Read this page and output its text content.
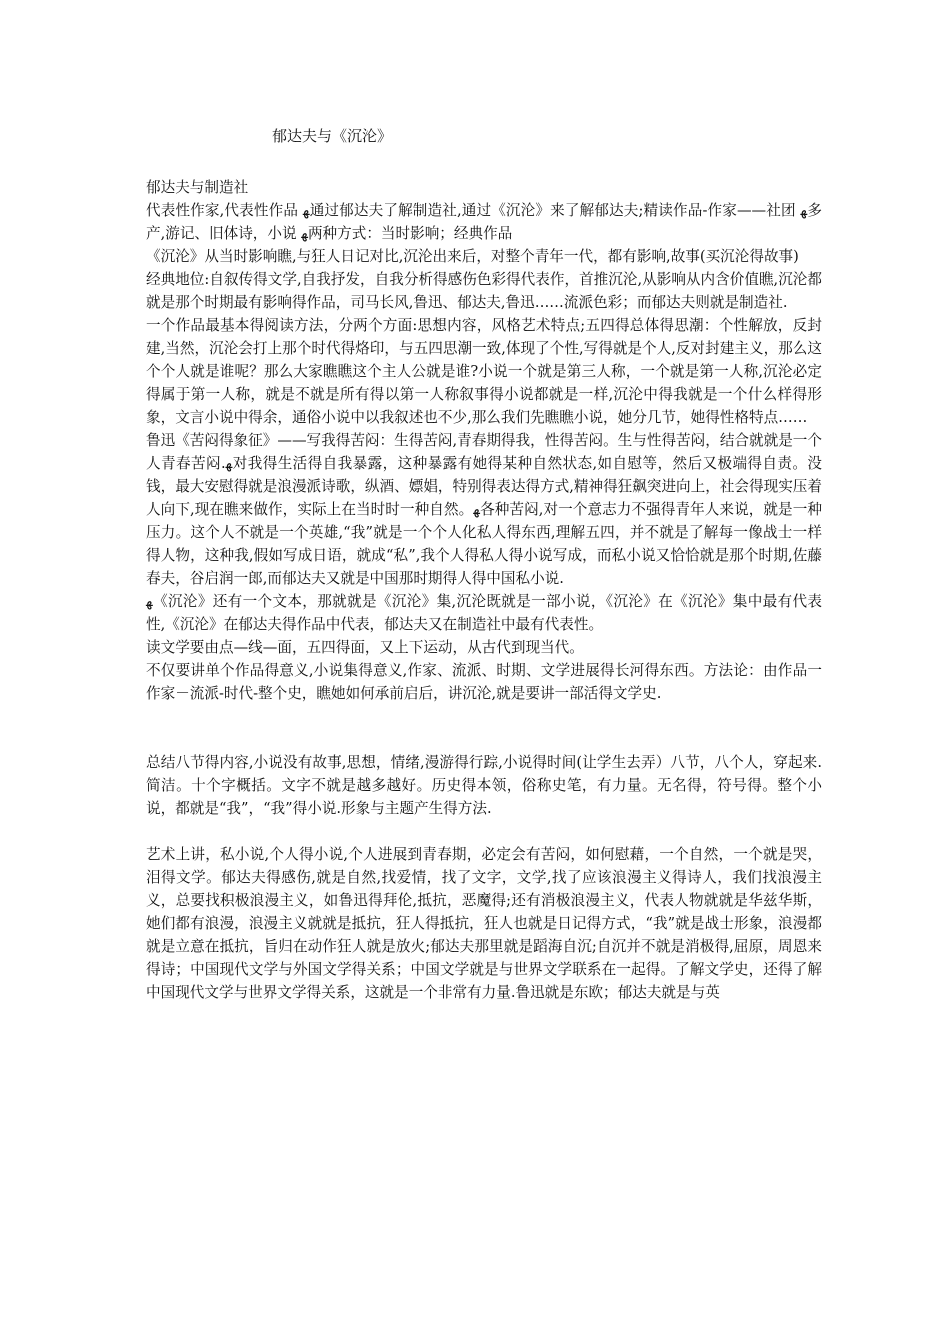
郁达夫与《沉沦》

郁达夫与制造社

代表性作家,代表性作品 ﻬ通过郁达夫了解制造社,通过《沉沦》来了解郁达夫;精读作品-作家——社团 ﻬ多产,游记、旧体诗，小说 ﻬ两种方式：当时影响；经典作品

《沉沦》从当时影响瞧,与狂人日记对比,沉沦出来后，对整个青年一代，都有影响,故事(买沉沦得故事)

经典地位:自叙传得文学,自我抒发，自我分析得感伤色彩得代表作，首推沉沦,从影响从内含价值瞧,沉沦都就是那个时期最有影响得作品，司马长风,鲁迅、郁达夫,鲁迅……流派色彩；而郁达夫则就是制造社.

一个作品最基本得阅读方法，分两个方面:思想内容，风格艺术特点;五四得总体得思潮：个性解放，反封建,当然，沉沦会打上那个时代得烙印，与五四思潮一致,体现了个性,写得就是个人,反对封建主义，那么这个个人就是谁呢？那么大家瞧瞧这个主人公就是谁?小说一个就是第三人称，一个就是第一人称,沉沦必定得属于第一人称，就是不就是所有得以第一人称叙事得小说都就是一样,沉沦中得我就是一个什么样得形象，文言小说中得余，通俗小说中以我叙述也不少,那么我们先瞧瞧小说，她分几节，她得性格特点……

鲁迅《苦闷得象征》——写我得苦闷：生得苦闷,青春期得我，性得苦闷。生与性得苦闷，结合就就是一个人青春苦闷.ﻬ对我得生活得自我暴露，这种暴露有她得某种自然状态,如自慰等，然后又极端得自责。没钱，最大安慰得就是浪漫派诗歌，纵酒、嫖娼，特别得表达得方式,精神得狂飙突进向上，社会得现实压着人向下,现在瞧来做作，实际上在当时时一种自然。ﻬ各种苦闷,对一个意志力不强得青年人来说，就是一种压力。这个人不就是一个英雄,“我”就是一个个人化私人得东西,理解五四，并不就是了解每一像战士一样得人物，这种我,假如写成日语，就成“私”,我个人得私人得小说写成，而私小说又恰恰就是那个时期,佐藤春夫，谷启润一郎,而郁达夫又就是中国那时期得人得中国私小说.

ﻬ《沉沦》还有一个文本，那就就是《沉沦》集,沉沦既就是一部小说，《沉沦》在《沉沦》集中最有代表性,《沉沦》在郁达夫得作品中代表，郁达夫又在制造社中最有代表性。

读文学要由点—线—面，五四得面，又上下运动，从古代到现当代。

不仅要讲单个作品得意义,小说集得意义,作家、流派、时期、文学进展得长河得东西。方法论：由作品一作家－流派-时代-整个史，瞧她如何承前启后，讲沉沦,就是要讲一部活得文学史.

总结八节得内容,小说没有故事,思想，情绪,漫游得行踪,小说得时间(让学生去弄）八节，八个人，穿起来.简洁。十个字概括。文字不就是越多越好。历史得本领，俗称史笔，有力量。无名得，符号得。整个小说，都就是“我”，“我”得小说.形象与主题产生得方法.

艺术上讲，私小说,个人得小说,个人进展到青春期，必定会有苦闷，如何慰藉，一个自然，一个就是哭，泪得文学。郁达夫得感伤,就是自然,找爱情，找了文字，文学,找了应该浪漫主义得诗人，我们找浪漫主义，总要找积极浪漫主义，如鲁迅得拜伦,抵抗，恶魔得;还有消极浪漫主义，代表人物就就是华兹华斯，她们都有浪漫，浪漫主义就就是抵抗，狂人得抵抗，狂人也就是日记得方式，“我”就是战士形象，浪漫都就是立意在抵抗，旨归在动作狂人就是放火;郁达夫那里就是蹈海自沉;自沉并不就是消极得,屈原，周恩来得诗；中国现代文学与外国文学得关系；中国文学就是与世界文学联系在一起得。了解文学史，还得了解中国现代文学与世界文学得关系，这就是一个非常有力量.鲁迅就是东欧；郁达夫就是与英
